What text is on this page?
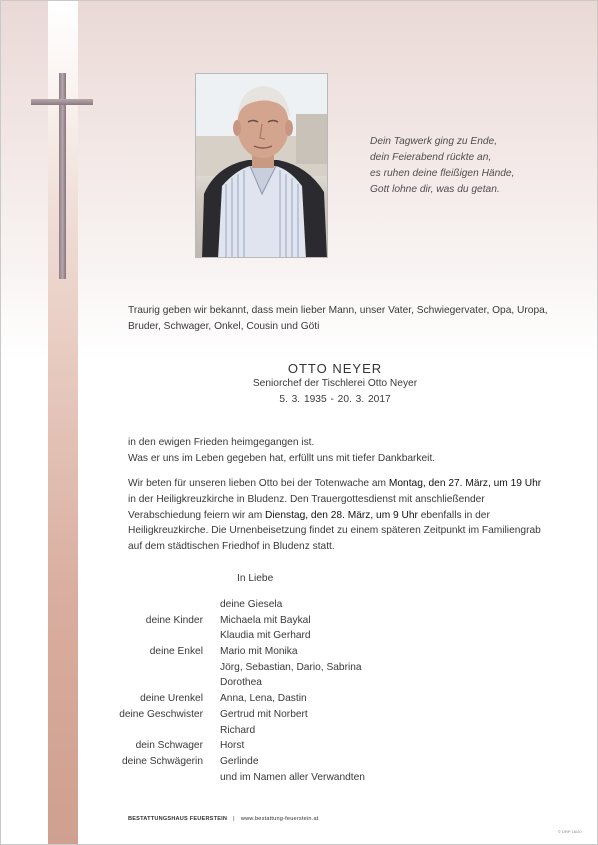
Dein Tagwerk ging zu Ende,
dein Feierabend rückte an,
es ruhen deine fleißigen Hände,
Gott lohne dir, was du getan.
Traurig geben wir bekannt, dass mein lieber Mann, unser Vater, Schwiegervater, Opa, Uropa, Bruder, Schwager, Onkel, Cousin und Göti
OTTO NEYER
Seniorchef der Tischlerei Otto Neyer
5. 3. 1935 - 20. 3. 2017
in den ewigen Frieden heimgegangen ist.
Was er uns im Leben gegeben hat, erfüllt uns mit tiefer Dankbarkeit.
Wir beten für unseren lieben Otto bei der Totenwache am Montag, den 27. März, um 19 Uhr in der Heiligkreuzkirche in Bludenz. Den Trauergottesdienst mit anschließender Verabschiedung feiern wir am Dienstag, den 28. März, um 9 Uhr ebenfalls in der Heiligkreuzkirche. Die Urnenbeisetzung findet zu einem späteren Zeitpunkt im Familiengrab auf dem städtischen Friedhof in Bludenz statt.
In Liebe
deine Giesela
deine Kinder	Michaela mit Baykal
Klaudia mit Gerhard
deine Enkel	Mario mit Monika
Jörg, Sebastian, Dario, Sabrina
Dorothea
deine Urenkel	Anna, Lena, Dastin
deine Geschwister	Gertrud mit Norbert
Richard
dein Schwager	Horst
deine Schwägerin	Gerlinde
und im Namen aller Verwandten
BESTATTUNGSHAUS FEUERSTEIN | www.bestattung-feuerstein.at
© DRP 16/20
